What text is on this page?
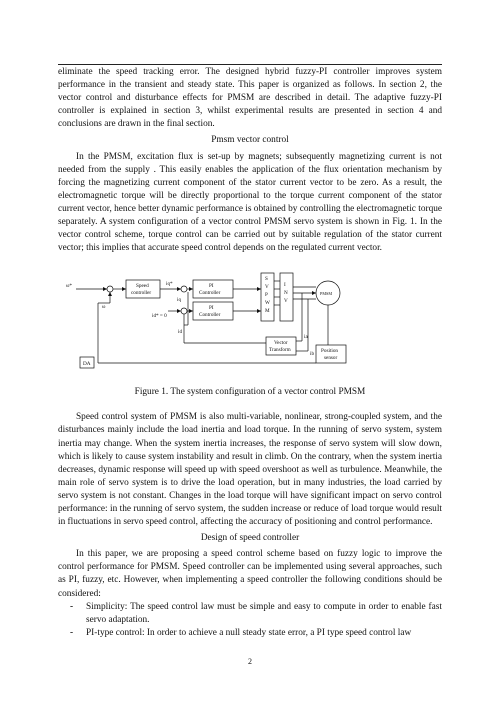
eliminate the speed tracking error. The designed hybrid fuzzy-PI controller improves system performance in the transient and steady state. This paper is organized as follows. In section 2, the vector control and disturbance effects for PMSM are described in detail. The adaptive fuzzy-PI controller is explained in section 3, whilst experimental results are presented in section 4 and conclusions are drawn in the final section.

Pmsm vector control

In the PMSM, excitation flux is set-up by magnets; subsequently magnetizing current is not needed from the supply . This easily enables the application of the flux orientation mechanism by forcing the magnetizing current component of the stator current vector to be zero. As a result, the electromagnetic torque will be directly proportional to the torque current component of the stator current vector, hence better dynamic performance is obtained by controlling the electromagnetic torque separately. A system configuration of a vector control PMSM servo system is shown in Fig. 1. In the vector control scheme, torque control can be carried out by suitable regulation of the stator current vector; this implies that accurate speed control depends on the regulated current vector.

ω*
ω
Speed
controller
iq*
iq
id* = 0
id
PI
Controller
PI
Controller
S
V
P
W
M
I
N
V
PMSM
Vector
Transform
ia
ib Position
sensor
DA
Figure 1. The system configuration of a vector control PMSM

Speed control system of PMSM is also multi-variable, nonlinear, strong-coupled system, and the disturbances mainly include the load inertia and load torque. In the running of servo system, system inertia may change. When the system inertia increases, the response of servo system will slow down, which is likely to cause system instability and result in climb. On the contrary, when the system inertia decreases, dynamic response will speed up with speed overshoot as well as turbulence. Meanwhile, the main role of servo system is to drive the load operation, but in many industries, the load carried by servo system is not constant. Changes in the load torque will have significant impact on servo control performance: in the running of servo system, the sudden increase or reduce of load torque would result in fluctuations in servo speed control, affecting the accuracy of positioning and control performance.

Design of speed controller

In this paper, we are proposing a speed control scheme based on fuzzy logic to improve the control performance for PMSM. Speed controller can be implemented using several approaches, such as PI, fuzzy, etc. However, when implementing a speed controller the following conditions should be considered:

- Simplicity: The speed control law must be simple and easy to compute in order to enable fast servo adaptation.
- PI-type control: In order to achieve a null steady state error, a PI type speed control law
2
